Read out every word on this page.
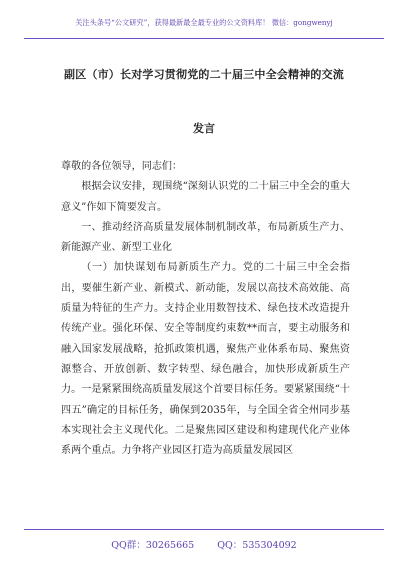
关注头条号“公文研究”，获得最新最全最专业的公文资料库！ 微信：gongwenyj
副区（市）长对学习贯彻党的二十届三中全会精神的交流
发言

尊敬的各位领导，同志们：

根据会议安排，现围绕“深刻认识党的二十届三中全会的重大意义”作如下简要发言。

一、推动经济高质量发展体制机制改革，布局新质生产力、新能源产业、新型工业化

（一）加快谋划布局新质生产力。党的二十届三中全会指出，要催生新产业、新模式、新动能，发展以高技术高效能、高质量为特征的生产力。支持企业用数智技术、绿色技术改造提升传统产业。强化环保、安全等制度约束数**而言，要主动服务和融入国家发展战略，抢抓政策机遇，聚焦产业体系布局、聚焦资源整合、开放创新、数字转型、绿色融合，加快形成新质生产力。一是紧紧围绕高质量发展这个首要目标任务。要紧紧围绕“十四五”确定的目标任务，确保到2035年，与全国全省全州同步基本实现社会主义现代化。二是聚焦园区建设和构建现代化产业体系两个重点。力争将产业园区打造为高质量发展园区

QQ群：30265665 QQ：535304092
